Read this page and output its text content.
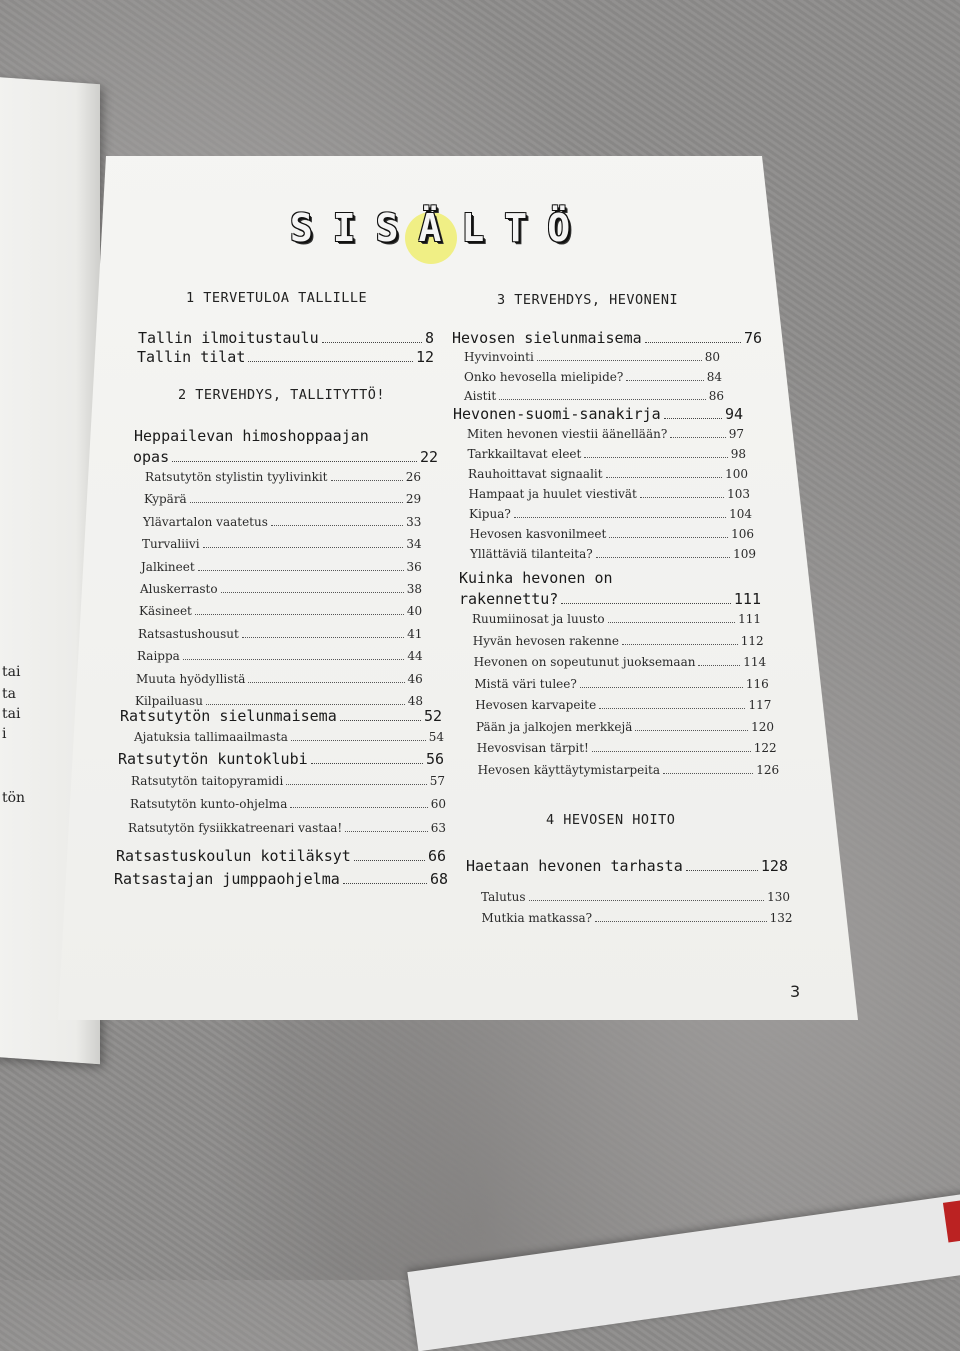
tai
ta
tai
i
tön
SISÄLTÖ
1 TERVETULOA TALLILLE
Tallin ilmoitustaulu	8
Tallin tilat	12
2 TERVEHDYS, TALLITYTTÖ!
Heppailevan himoshoppaajan
opas	22
Ratsutytön stylistin tyylivinkit	26
Kypärä	29
Ylävartalon vaatetus	33
Turvaliivi	34
Jalkineet	36
Aluskerrasto	38
Käsineet	40
Ratsastushousut	41
Raippa	44
Muuta hyödyllistä	46
Kilpailuasu	48
Ratsutytön sielunmaisema	52
Ajatuksia tallimaailmasta	54
Ratsutytön kuntoklubi	56
Ratsutytön taitopyramidi	57
Ratsutytön kunto-ohjelma	60
Ratsutytön fysiikkatreenari vastaa!	63
Ratsastuskoulun kotiläksyt	66
Ratsastajan jumppaohjelma	68
3 TERVEHDYS, HEVONENI
Hevosen sielunmaisema	76
Hyvinvointi	80
Onko hevosella mielipide?	84
Aistit	86
Hevonen-suomi-sanakirja	94
Miten hevonen viestii äänellään?	97
Tarkkailtavat eleet	98
Rauhoittavat signaalit	100
Hampaat ja huulet viestivät	103
Kipua?	104
Hevosen kasvonilmeet	106
Yllättäviä tilanteita?	109
Kuinka hevonen on
rakennettu?	111
Ruumiinosat ja luusto	111
Hyvän hevosen rakenne	112
Hevonen on sopeutunut juoksemaan	114
Mistä väri tulee?	116
Hevosen karvapeite	117
Pään ja jalkojen merkkejä	120
Hevosvisan tärpit!	122
Hevosen käyttäytymistarpeita	126
4 HEVOSEN HOITO
Haetaan hevonen tarhasta	128
Talutus	130
Mutkia matkassa?	132
3
